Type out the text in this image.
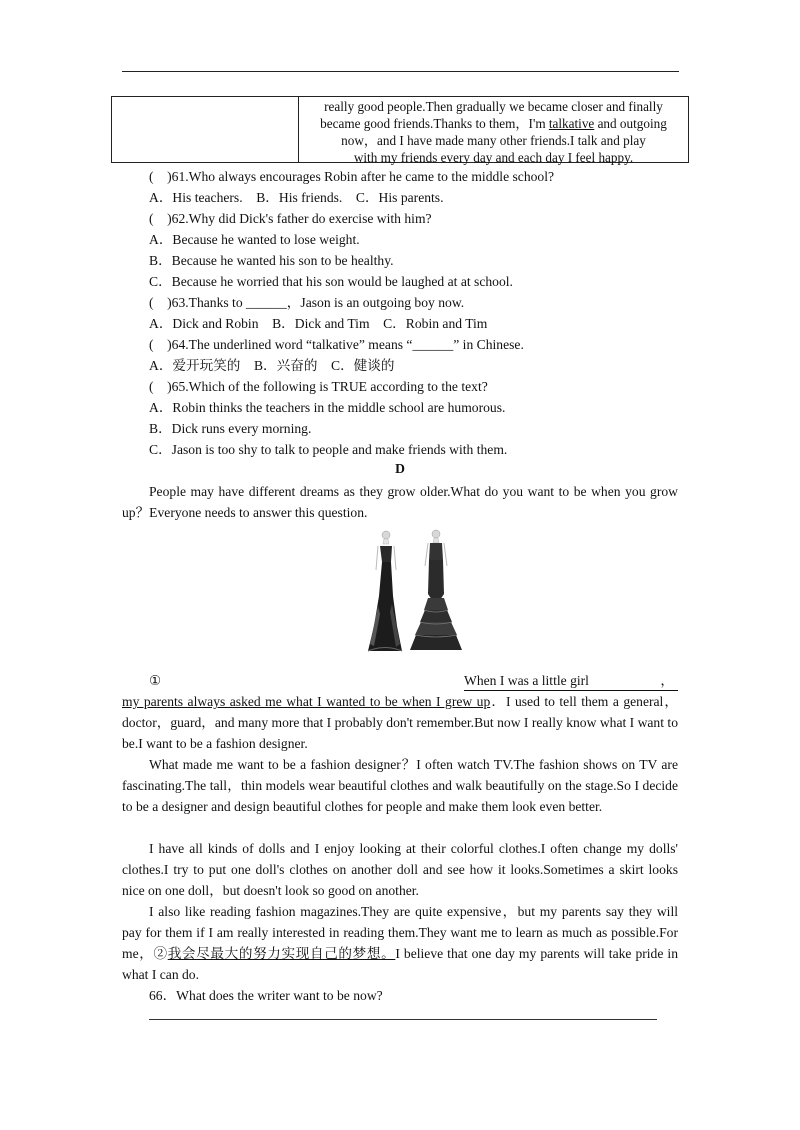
really good people.Then gradually we became closer and finally
became good friends.Thanks to them，I'm talkative and outgoing
now，and I have made many other friends.I talk and play
with my friends every day and each day I feel happy.
(　)61.Who always encourages Robin after he came to the middle school?
A．His teachers.　B．His friends.　C．His parents.
(　)62.Why did Dick's father do exercise with him?
A．Because he wanted to lose weight.
B．Because he wanted his son to be healthy.
C．Because he worried that his son would be laughed at at school.
(　)63.Thanks to ______，Jason is an outgoing boy now.
A．Dick and Robin　B．Dick and Tim　C．Robin and Tim
(　)64.The underlined word “talkative” means “______” in Chinese.
A．爱开玩笑的　B．兴奋的　C．健谈的
(　)65.Which of the following is TRUE according to the text?
A．Robin thinks the teachers in the middle school are humorous.
B．Dick runs every morning.
C．Jason is too shy to talk to people and make friends with them.
D
People may have different dreams as they grow older.What do you want to be when you grow up？Everyone needs to answer this question.
①	When I was a little girl	，
my parents always asked me what I wanted to be when I grew up．I used to tell them a general，doctor，guard，and many more that I probably don't remember.But now I really know what I want to be.I want to be a fashion designer.
What made me want to be a fashion designer？I often watch TV.The fashion shows on TV are fascinating.The tall，thin models wear beautiful clothes and walk beautifully on the stage.So I decide to be a designer and design beautiful clothes for people and make them look even better.
I have all kinds of dolls and I enjoy looking at their colorful clothes.I often change my dolls' clothes.I try to put one doll's clothes on another doll and see how it looks.Sometimes a skirt looks nice on one doll，but doesn't look so good on another.
I also like reading fashion magazines.They are quite expensive，but my parents say they will pay for them if I am really interested in reading them.They want me to learn as much as possible.For me，②我会尽最大的努力实现自己的梦想。I believe that one day my parents will take pride in what I can do.
66．What does the writer want to be now?
